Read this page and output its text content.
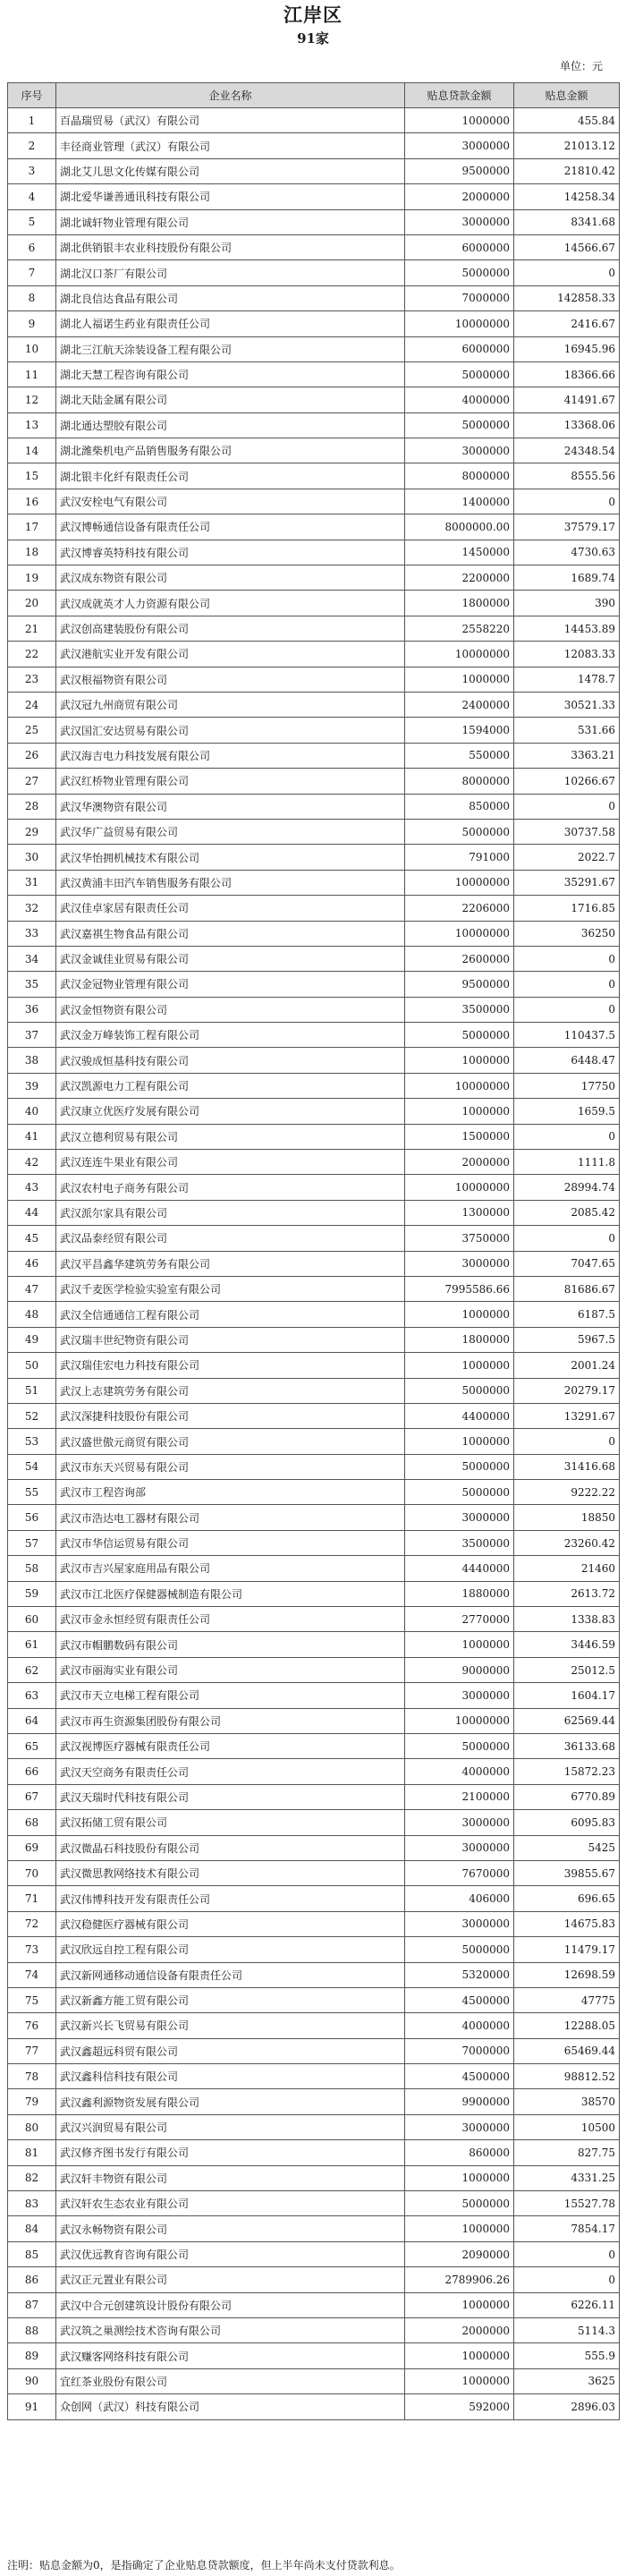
江岸区
91家
单位：元
序号	企业名称	贴息贷款金额	贴息金额
1	百晶瑞贸易（武汉）有限公司	1000000	455.84
2	丰径商业管理（武汉）有限公司	3000000	21013.12
3	湖北艾儿思文化传媒有限公司	9500000	21810.42
4	湖北爱华谦善通讯科技有限公司	2000000	14258.34
5	湖北诚轩物业管理有限公司	3000000	8341.68
6	湖北供销银丰农业科技股份有限公司	6000000	14566.67
7	湖北汉口茶厂有限公司	5000000	0
8	湖北良信达食品有限公司	7000000	142858.33
9	湖北人福诺生药业有限责任公司	10000000	2416.67
10	湖北三江航天涂装设备工程有限公司	6000000	16945.96
11	湖北天慧工程咨询有限公司	5000000	18366.66
12	湖北天陆金属有限公司	4000000	41491.67
13	湖北通达塑胶有限公司	5000000	13368.06
14	湖北潍柴机电产品销售服务有限公司	3000000	24348.54
15	湖北银丰化纤有限责任公司	8000000	8555.56
16	武汉安栓电气有限公司	1400000	0
17	武汉博畅通信设备有限责任公司	8000000.00	37579.17
18	武汉博睿英特科技有限公司	1450000	4730.63
19	武汉成东物资有限公司	2200000	1689.74
20	武汉成就英才人力资源有限公司	1800000	390
21	武汉创高建装股份有限公司	2558220	14453.89
22	武汉港航实业开发有限公司	10000000	12083.33
23	武汉根福物资有限公司	1000000	1478.7
24	武汉冠九州商贸有限公司	2400000	30521.33
25	武汉国汇安达贸易有限公司	1594000	531.66
26	武汉海吉电力科技发展有限公司	550000	3363.21
27	武汉红桥物业管理有限公司	8000000	10266.67
28	武汉华澳物资有限公司	850000	0
29	武汉华广益贸易有限公司	5000000	30737.58
30	武汉华怡拥机械技术有限公司	791000	2022.7
31	武汉黄浦丰田汽车销售服务有限公司	10000000	35291.67
32	武汉佳卓家居有限责任公司	2206000	1716.85
33	武汉嘉祺生物食品有限公司	10000000	36250
34	武汉金诚佳业贸易有限公司	2600000	0
35	武汉金冠物业管理有限公司	9500000	0
36	武汉金恒物资有限公司	3500000	0
37	武汉金万峰装饰工程有限公司	5000000	110437.5
38	武汉骏成恒基科技有限公司	1000000	6448.47
39	武汉凯源电力工程有限公司	10000000	17750
40	武汉康立优医疗发展有限公司	1000000	1659.5
41	武汉立德利贸易有限公司	1500000	0
42	武汉连连牛果业有限公司	2000000	1111.8
43	武汉农村电子商务有限公司	10000000	28994.74
44	武汉派尔家具有限公司	1300000	2085.42
45	武汉品泰经贸有限公司	3750000	0
46	武汉平昌鑫华建筑劳务有限公司	3000000	7047.65
47	武汉千麦医学检验实验室有限公司	7995586.66	81686.67
48	武汉全信通通信工程有限公司	1000000	6187.5
49	武汉瑞丰世纪物资有限公司	1800000	5967.5
50	武汉瑞佳宏电力科技有限公司	1000000	2001.24
51	武汉上志建筑劳务有限公司	5000000	20279.17
52	武汉深捷科技股份有限公司	4400000	13291.67
53	武汉盛世傲元商贸有限公司	1000000	0
54	武汉市东天兴贸易有限公司	5000000	31416.68
55	武汉市工程咨询部	5000000	9222.22
56	武汉市浩达电工器材有限公司	3000000	18850
57	武汉市华信运贸易有限公司	3500000	23260.42
58	武汉市吉兴屋家庭用品有限公司	4440000	21460
59	武汉市江北医疗保健器械制造有限公司	1880000	2613.72
60	武汉市金永恒经贸有限责任公司	2770000	1338.83
61	武汉市帽鹏数码有限公司	1000000	3446.59
62	武汉市丽海实业有限公司	9000000	25012.5
63	武汉市天立电梯工程有限公司	3000000	1604.17
64	武汉市再生资源集团股份有限公司	10000000	62569.44
65	武汉视博医疗器械有限责任公司	5000000	36133.68
66	武汉天空商务有限责任公司	4000000	15872.23
67	武汉天瑞时代科技有限公司	2100000	6770.89
68	武汉拓储工贸有限公司	3000000	6095.83
69	武汉微晶石科技股份有限公司	3000000	5425
70	武汉微思教网络技术有限公司	7670000	39855.67
71	武汉伟博科技开发有限责任公司	406000	696.65
72	武汉稳健医疗器械有限公司	3000000	14675.83
73	武汉欣远自控工程有限公司	5000000	11479.17
74	武汉新网通移动通信设备有限责任公司	5320000	12698.59
75	武汉新鑫方能工贸有限公司	4500000	47775
76	武汉新兴长飞贸易有限公司	4000000	12288.05
77	武汉鑫超远科贸有限公司	7000000	65469.44
78	武汉鑫科信科技有限公司	4500000	98812.52
79	武汉鑫利源物资发展有限公司	9900000	38570
80	武汉兴润贸易有限公司	3000000	10500
81	武汉修齐图书发行有限公司	860000	827.75
82	武汉轩丰物资有限公司	1000000	4331.25
83	武汉轩农生态农业有限公司	5000000	15527.78
84	武汉永畅物资有限公司	1000000	7854.17
85	武汉优远教育咨询有限公司	2090000	0
86	武汉正元置业有限公司	2789906.26	0
87	武汉中合元创建筑设计股份有限公司	1000000	6226.11
88	武汉筑之巢测绘技术咨询有限公司	2000000	5114.3
89	武汉赚客网络科技有限公司	1000000	555.9
90	宜红茶业股份有限公司	1000000	3625
91	众创网（武汉）科技有限公司	592000	2896.03
注明：贴息金额为0，是指确定了企业贴息贷款额度，但上半年尚未支付贷款利息。
